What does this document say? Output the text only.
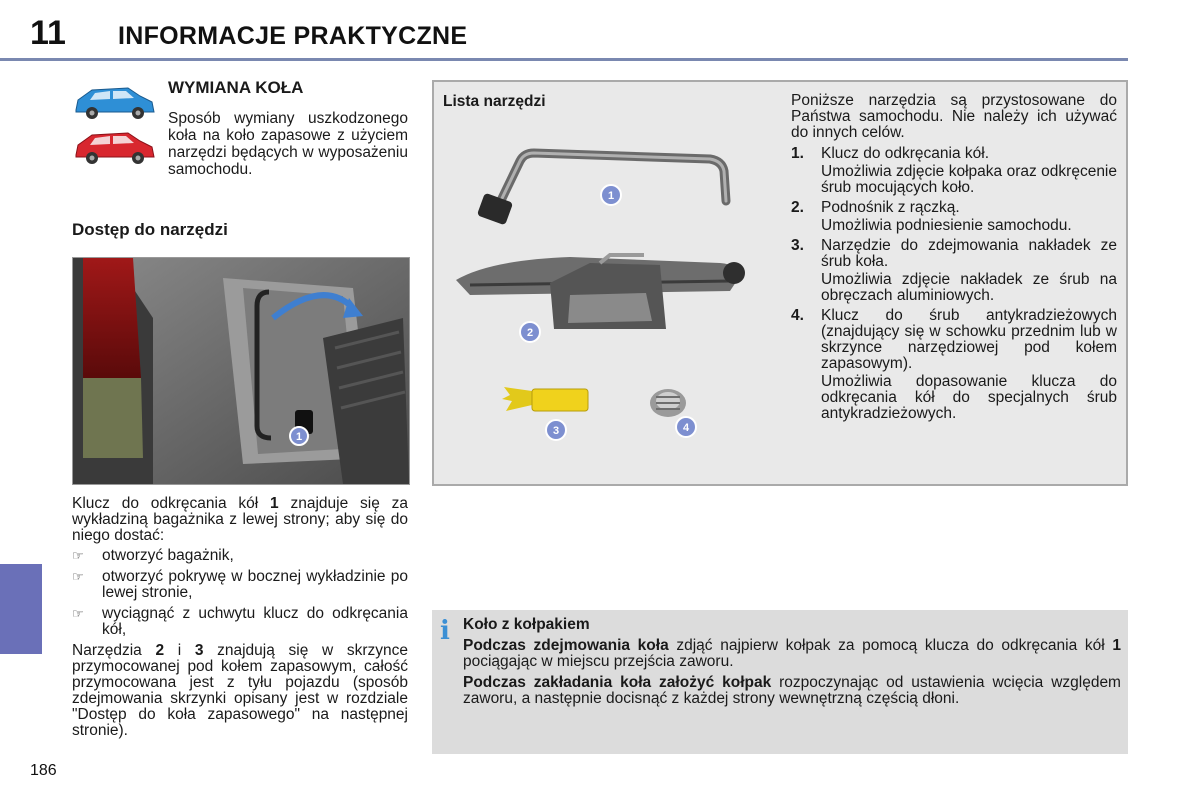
11 INFORMACJE PRAKTYCZNE
186
WYMIANA KOŁA
Sposób wymiany uszkodzonego koła na koło zapasowe z użyciem narzędzi będących w wyposażeniu samochodu.
Dostęp do narzędzi
1
Klucz do odkręcania kół 1 znajduje się za wykładziną bagażnika z lewej strony; aby się do niego dostać:
☞ otworzyć bagażnik,
☞ otworzyć pokrywę w bocznej wykładzinie po lewej stronie,
☞ wyciągnąć z uchwytu klucz do odkręcania kół,
Narzędzia 2 i 3 znajdują się w skrzynce przymocowanej pod kołem zapasowym, całość przymocowana jest z tyłu pojazdu (sposób zdejmowania skrzynki opisany jest w rozdziale "Dostęp do koła zapasowego" na następnej stronie).
Lista narzędzi
1
2
3	4
Poniższe narzędzia są przystosowane do Państwa samochodu. Nie należy ich używać do innych celów.
1. Klucz do odkręcania kół.
Umożliwia zdjęcie kołpaka oraz odkręcenie śrub mocujących koło.
2. Podnośnik z rączką.
Umożliwia podniesienie samochodu.
3. Narzędzie do zdejmowania nakładek ze śrub koła.
Umożliwia zdjęcie nakładek ze śrub na obręczach aluminiowych.
4. Klucz do śrub antykradzieżowych (znajdujący się w schowku przednim lub w skrzynce narzędziowej pod kołem zapasowym).
Umożliwia dopasowanie klucza do odkręcania kół do specjalnych śrub antykradzieżowych.
i Koło z kołpakiem
Podczas zdejmowania koła zdjąć najpierw kołpak za pomocą klucza do odkręcania kół 1 pociągając w miejscu przejścia zaworu.
Podczas zakładania koła założyć kołpak rozpoczynając od ustawienia wcięcia względem zaworu, a następnie docisnąć z każdej strony wewnętrzną częścią dłoni.
